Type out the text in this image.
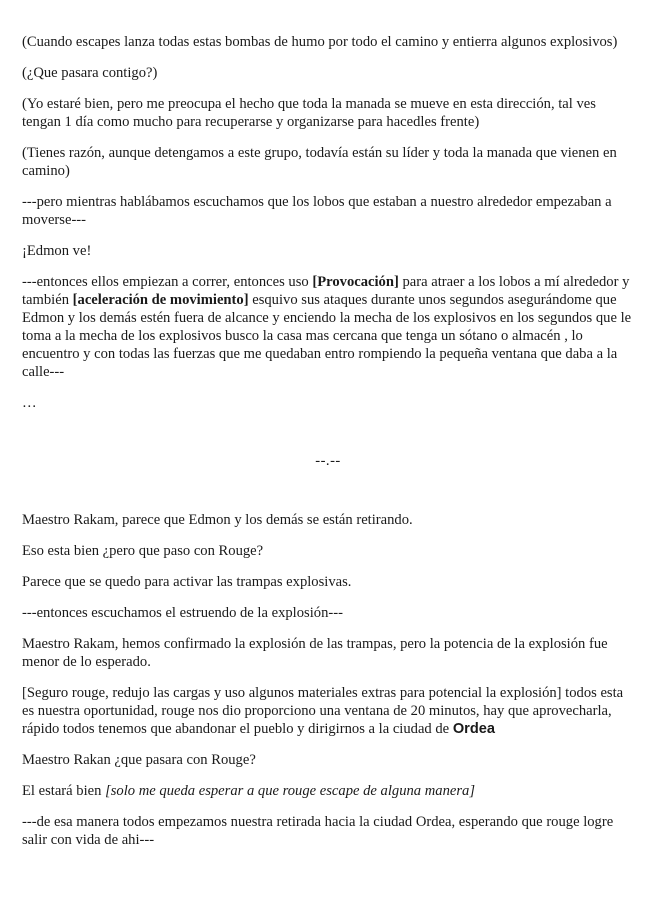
(Cuando escapes lanza todas estas bombas de humo por todo el camino y entierra algunos explosivos)

(¿Que pasara contigo?)

(Yo estaré bien, pero me preocupa el hecho que toda la manada se mueve en esta dirección, tal ves tengan 1 día como mucho para recuperarse y organizarse para hacedles frente)

(Tienes razón, aunque detengamos a este grupo, todavía están su líder y toda la manada que vienen en camino)

---pero mientras hablábamos escuchamos que los lobos que estaban a nuestro alrededor empezaban a moverse---

¡Edmon ve!

---entonces ellos empiezan a correr, entonces uso [Provocación] para atraer a los lobos a mí alrededor y también [aceleración de movimiento] esquivo sus ataques durante unos segundos asegurándome que Edmon y los demás estén fuera de alcance y enciendo la mecha de los explosivos en los segundos que le toma a la mecha de los explosivos busco la casa mas cercana que tenga un sótano o almacén , lo encuentro y con todas las fuerzas que me quedaban entro rompiendo la pequeña ventana que daba a la calle---

…

--.--

Maestro Rakam, parece que Edmon y los demás se están retirando.

Eso esta bien ¿pero que paso con Rouge?

Parece que se quedo para activar las trampas explosivas.

---entonces escuchamos el estruendo de la explosión---

Maestro Rakam, hemos confirmado la explosión de las trampas, pero la potencia de la explosión fue menor de lo esperado.

[Seguro rouge, redujo las cargas y uso algunos materiales extras para potencial la explosión] todos esta es nuestra oportunidad, rouge nos dio proporciono una ventana de 20 minutos, hay que aprovecharla, rápido todos tenemos que abandonar el pueblo y dirigirnos a la ciudad de Ordea

Maestro Rakan ¿que pasara con Rouge?

El estará bien [solo me queda esperar a que rouge escape de alguna manera]

---de esa manera todos empezamos nuestra retirada hacia la ciudad Ordea, esperando que rouge logre salir con vida de ahi---
